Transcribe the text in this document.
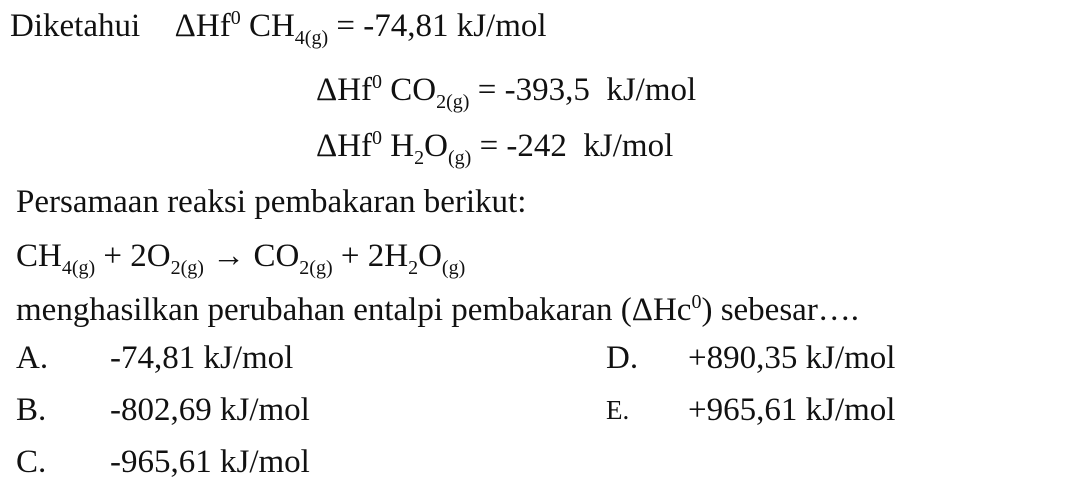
Diketahui ΔHf$^0$ $CH_{4(g)} = -74,81$ kJ/mol
ΔHf$^0$ $CO_{2(g)} = -393,5$  kJ/mol
ΔHf$^0$ $H_2O_{(g)} = -242$  kJ/mol
Persamaan reaksi pembakaran berikut:
$CH_{4(g)} + 2O_{2(g)} \to CO_{2(g)} + 2H_2O_{(g)}$
menghasilkan perubahan entalpi pembakaran (ΔHc$^0$) sebesar….
A. -74,81 kJ/mol
B. -802,69 kJ/mol
C. -965,61 kJ/mol
D. +890,35 kJ/mol
E. +965,61 kJ/mol
